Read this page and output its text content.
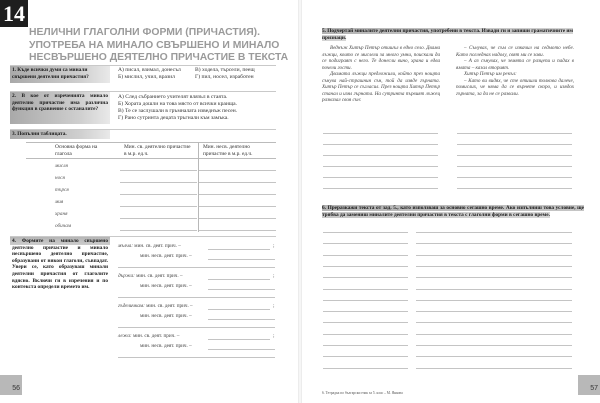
14
НЕЛИЧНИ ГЛАГОЛНИ ФОРМИ (ПРИЧАСТИЯ). УПОТРЕБА НА МИНАЛО СВЪРШЕНО И МИНАЛО НЕСВЪРШЕНО ДЕЯТЕЛНО ПРИЧАСТИЕ В ТЕКСТА
1. Къде всички думи са минали свършени деятелни причастия?
А) писал, взимал, донесъл
Б) мислил, учил, вразил
В) ходела, търсели, пеещ
Г) пил, носел, изработен
2. В кое от изреченията минало деятелно причастие има различна функция в сравнение с останалите?
А) След събранието учителят влязъл в стаята.
Б) Хората дошли на това място от всички краища.
В) Те се заслушали в гръмналата изведнъж песен.
Г) Рано сутринта децата тръгнали към замъка.
3. Попълни таблицата.
Основна форма на глагола
Мин. св. деятелно причастие в м.р. ед.ч.
Мин. несв. деятелно причастие в м.р. ед.ч.
мисля
нося
търся
мия
храня
обичам
4. Формите на минало свършено деятелно причастие и минало несвършено деятелно причастие, образувани от някои глаголи, съвпадат. Увери се, като образуваш минали деятелни причастия от глаголите вдясно. Включи ги в изречения и по контекста определи времето им.
мълча: мин. св. деят. прич. –	;
мин. несв. деят. прич. –
държа: мин. св. деят. прич. –	;
мин. несв. деят. прич. –
гъделичкам: мин. св. деят. прич. –	;
мин. несв. деят. прич. –
лежа: мин. св. деят. прич. –	;
мин. несв. деят. прич. –
56
5. Подчертай миналите деятелни причастия, употребени в текста. Извади ги и запиши граматичните им признаци.

Веднъж Хитър Петър отишъл в едно село. Двама лъжци, които се мислели за много умни, поискали да се подиграят с него. Те донесли вино, храна и едва почели гости.

Двамата лъжци предложили, който през нощта сънува най-страшния сън, той да изяде гърната. Хитър Петър се съгласил. През нощта Хитър Петър станал и изял гърната. На сутринта първият лъжец разказал своя сън:

– Сънувах, че съм се изкачил на седмото небе. Като погледнах надолу, свят ми се зави.

– А аз сънувах, че земята се разцепи и падах в ямата – казал вторият.

Хитър Петър им рекъл:

– Като ви видях, че сте отишли толкова далече, помислих, че няма да се върнете скоро, и изядох гърната, за да не се развали.

6. Преразкажи текста от зад. 5., като използваш за основно сегашно време. Ако изпълниш това условие, ще трябва да замениш миналите деятелни причастия в текста с глаголни форми в сегашно време.
6. Тетрадка по български език за 5. клас – М. Янкова
57
